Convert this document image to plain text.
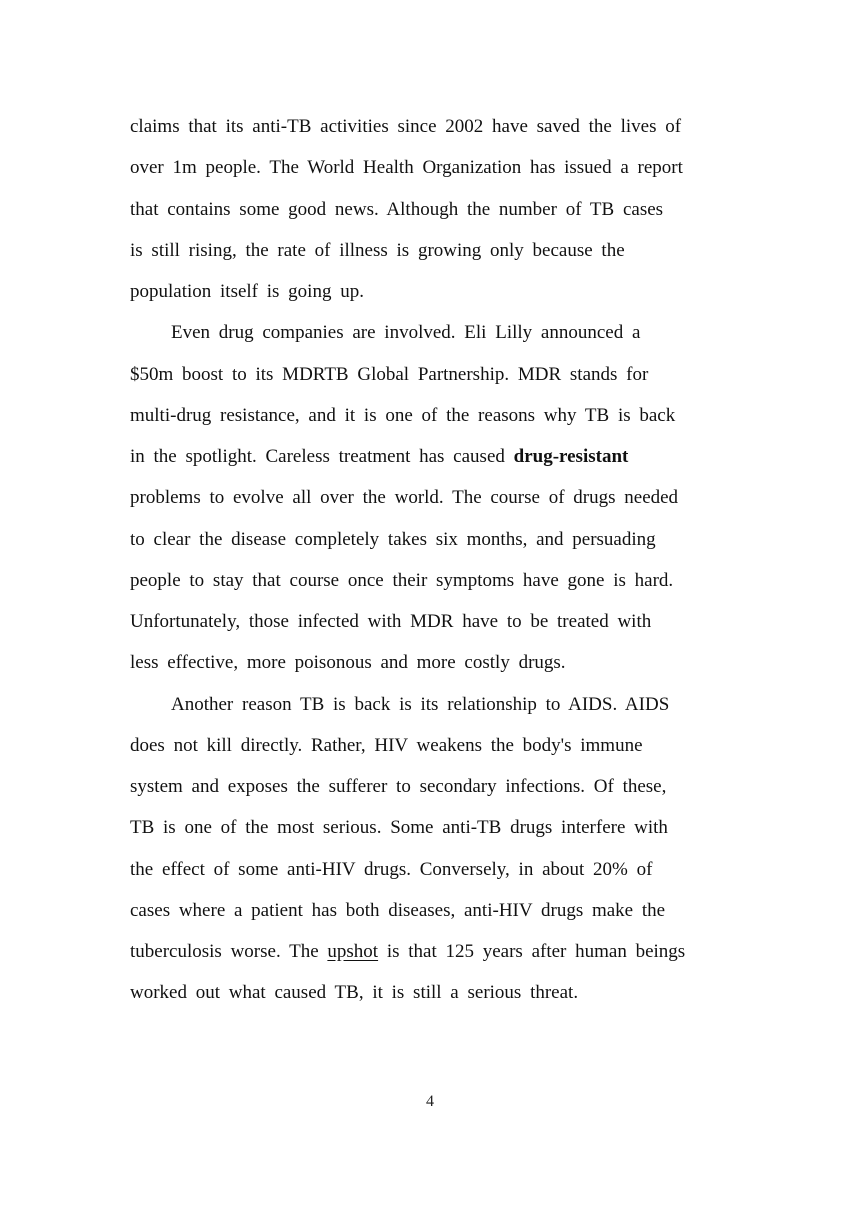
claims that its anti-TB activities since 2002 have saved the lives of
over 1m people. The World Health Organization has issued a report
that contains some good news. Although the number of TB cases
is still rising, the rate of illness is growing only because the
population itself is going up.
Even drug companies are involved. Eli Lilly announced a
$50m boost to its MDRTB Global Partnership. MDR stands for
multi-drug resistance, and it is one of the reasons why TB is back
in the spotlight. Careless treatment has caused drug-resistant
problems to evolve all over the world. The course of drugs needed
to clear the disease completely takes six months, and persuading
people to stay that course once their symptoms have gone is hard.
Unfortunately, those infected with MDR have to be treated with
less effective, more poisonous and more costly drugs.
Another reason TB is back is its relationship to AIDS. AIDS
does not kill directly. Rather, HIV weakens the body's immune
system and exposes the sufferer to secondary infections. Of these,
TB is one of the most serious. Some anti-TB drugs interfere with
the effect of some anti-HIV drugs. Conversely, in about 20% of
cases where a patient has both diseases, anti-HIV drugs make the
tuberculosis worse. The upshot is that 125 years after human beings
worked out what caused TB, it is still a serious threat.
4
